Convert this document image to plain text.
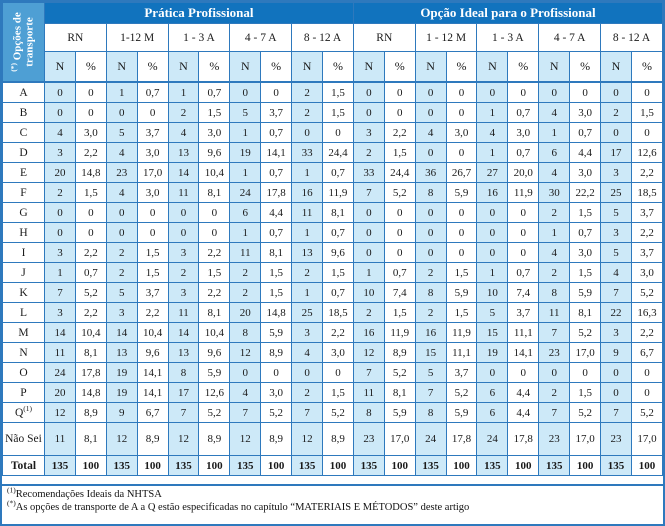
(*) Opções de transporte	Prática Profissional										Opção Ideal para o Profissional									
	RN		1-12 M		1 - 3 A		4 - 7 A		8 - 12 A		RN		1 - 12 M		1 - 3 A		4 - 7 A		8 - 12 A	
	N	%	N	%	N	%	N	%	N	%	N	%	N	%	N	%	N	%	N	%
A	0	0	1	0,7	1	0,7	0	0	2	1,5	0	0	0	0	0	0	0	0	0	0
B	0	0	0	0	2	1,5	5	3,7	2	1,5	0	0	0	0	1	0,7	4	3,0	2	1,5
C	4	3,0	5	3,7	4	3,0	1	0,7	0	0	3	2,2	4	3,0	4	3,0	1	0,7	0	0
D	3	2,2	4	3,0	13	9,6	19	14,1	33	24,4	2	1,5	0	0	1	0,7	6	4,4	17	12,6
E	20	14,8	23	17,0	14	10,4	1	0,7	1	0,7	33	24,4	36	26,7	27	20,0	4	3,0	3	2,2
F	2	1,5	4	3,0	11	8,1	24	17,8	16	11,9	7	5,2	8	5,9	16	11,9	30	22,2	25	18,5
G	0	0	0	0	0	0	6	4,4	11	8,1	0	0	0	0	0	0	2	1,5	5	3,7
H	0	0	0	0	0	0	1	0,7	1	0,7	0	0	0	0	0	0	1	0,7	3	2,2
I	3	2,2	2	1,5	3	2,2	11	8,1	13	9,6	0	0	0	0	0	0	4	3,0	5	3,7
J	1	0,7	2	1,5	2	1,5	2	1,5	2	1,5	1	0,7	2	1,5	1	0,7	2	1,5	4	3,0
K	7	5,2	5	3,7	3	2,2	2	1,5	1	0,7	10	7,4	8	5,9	10	7,4	8	5,9	7	5,2
L	3	2,2	3	2,2	11	8,1	20	14,8	25	18,5	2	1,5	2	1,5	5	3,7	11	8,1	22	16,3
M	14	10,4	14	10,4	14	10,4	8	5,9	3	2,2	16	11,9	16	11,9	15	11,1	7	5,2	3	2,2
N	11	8,1	13	9,6	13	9,6	12	8,9	4	3,0	12	8,9	15	11,1	19	14,1	23	17,0	9	6,7
O	24	17,8	19	14,1	8	5,9	0	0	0	0	7	5,2	5	3,7	0	0	0	0	0	0
P	20	14,8	19	14,1	17	12,6	4	3,0	2	1,5	11	8,1	7	5,2	6	4,4	2	1,5	0	0
$Q^{(1)}$	12	8,9	9	6,7	7	5,2	7	5,2	7	5,2	8	5,9	8	5,9	6	4,4	7	5,2	7	5,2
Não Sei	11	8,1	12	8,9	12	8,9	12	8,9	12	8,9	23	17,0	24	17,8	24	17,8	23	17,0	23	17,0
Total	135	100	135	100	135	100	135	100	135	100	135	100	135	100	135	100	135	100	135	100
$^{(1)}$Recomendações Ideais da NHTSA
(*)As opções de transporte de A a Q estão especificadas no capítulo “MATERIAIS E MÉTODOS” deste artigo
